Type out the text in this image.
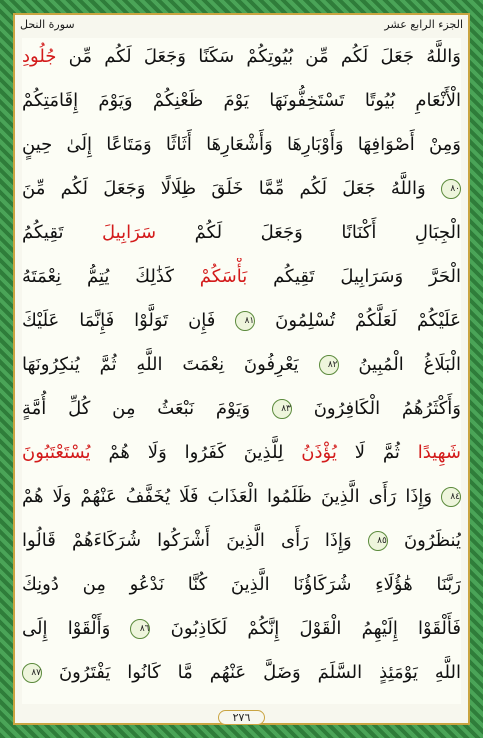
الجزء الرابع عشر
سورة النحل
وَاللَّهُ جَعَلَ لَكُم مِّن بُيُوتِكُمْ سَكَنًا وَجَعَلَ لَكُم مِّن جُلُودِ
الْأَنْعَامِ بُيُوتًا تَسْتَخِفُّونَهَا يَوْمَ ظَعْنِكُمْ وَيَوْمَ إِقَامَتِكُمْ
وَمِنْ أَصْوَافِهَا وَأَوْبَارِهَا وَأَشْعَارِهَا أَثَاثًا وَمَتَاعًا إِلَىٰ حِينٍ
٨٠ وَاللَّهُ جَعَلَ لَكُم مِّمَّا خَلَقَ ظِلَالًا وَجَعَلَ لَكُم مِّنَ
الْجِبَالِ أَكْنَانًا وَجَعَلَ لَكُمْ سَرَابِيلَ تَقِيكُمُ
الْحَرَّ وَسَرَابِيلَ تَقِيكُم بَأْسَكُمْ كَذَٰلِكَ يُتِمُّ نِعْمَتَهُ
عَلَيْكُمْ لَعَلَّكُمْ تُسْلِمُونَ ٨١ فَإِن تَوَلَّوْا فَإِنَّمَا عَلَيْكَ
الْبَلَاغُ الْمُبِينُ ٨٢ يَعْرِفُونَ نِعْمَتَ اللَّهِ ثُمَّ يُنكِرُونَهَا
وَأَكْثَرُهُمُ الْكَافِرُونَ ٨٣ وَيَوْمَ نَبْعَثُ مِن كُلِّ أُمَّةٍ
شَهِيدًا ثُمَّ لَا يُؤْذَنُ لِلَّذِينَ كَفَرُوا وَلَا هُمْ يُسْتَعْتَبُونَ
٨٤ وَإِذَا رَأَى الَّذِينَ ظَلَمُوا الْعَذَابَ فَلَا يُخَفَّفُ عَنْهُمْ وَلَا هُمْ
يُنظَرُونَ ٨٥ وَإِذَا رَأَى الَّذِينَ أَشْرَكُوا شُرَكَاءَهُمْ قَالُوا
رَبَّنَا هَٰؤُلَاءِ شُرَكَاؤُنَا الَّذِينَ كُنَّا نَدْعُو مِن دُونِكَ
فَأَلْقَوْا إِلَيْهِمُ الْقَوْلَ إِنَّكُمْ لَكَاذِبُونَ ٨٦ وَأَلْقَوْا إِلَى
اللَّهِ يَوْمَئِذٍ السَّلَمَ وَضَلَّ عَنْهُم مَّا كَانُوا يَفْتَرُونَ ٨٧
٢٧٦
